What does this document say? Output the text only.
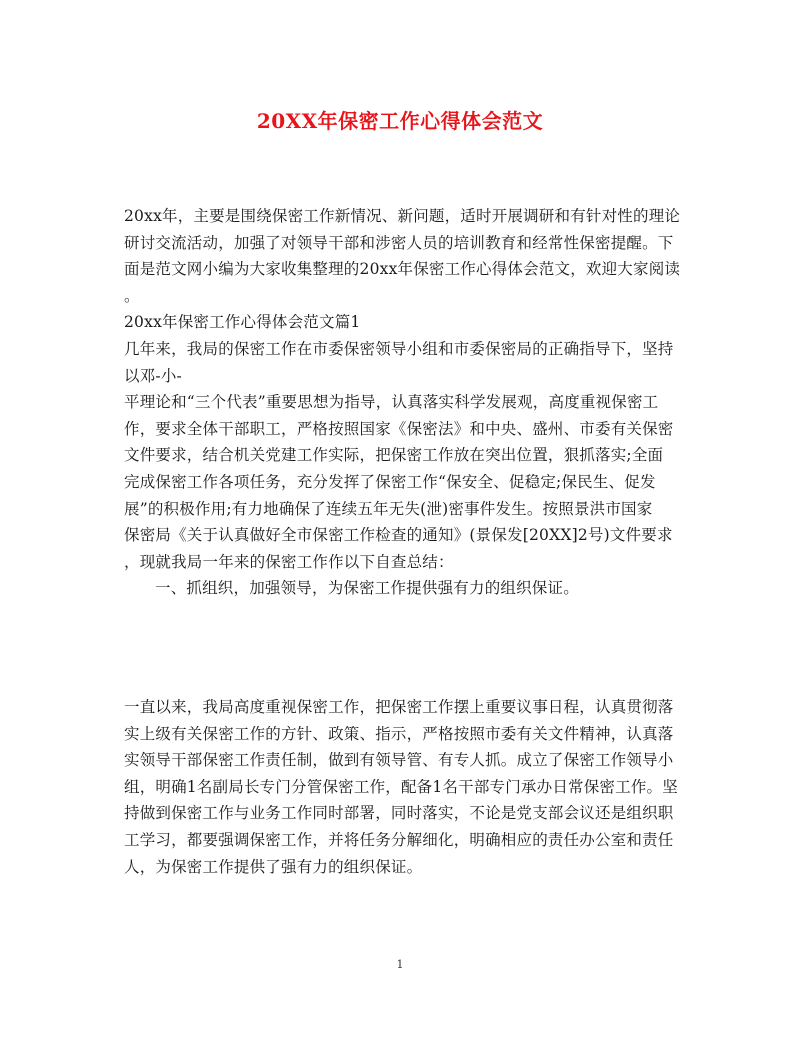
20XX年保密工作心得体会范文
20xx年，主要是围绕保密工作新情况、新问题，适时开展调研和有针对性的理论
研讨交流活动，加强了对领导干部和涉密人员的培训教育和经常性保密提醒。下
面是范文网小编为大家收集整理的20xx年保密工作心得体会范文，欢迎大家阅读
。
20xx年保密工作心得体会范文篇1
几年来，我局的保密工作在市委保密领导小组和市委保密局的正确指导下，坚持
以邓-小-
平理论和“三个代表”重要思想为指导，认真落实科学发展观，高度重视保密工
作，要求全体干部职工，严格按照国家《保密法》和中央、盛州、市委有关保密
文件要求，结合机关党建工作实际，把保密工作放在突出位置，狠抓落实;全面
完成保密工作各项任务，充分发挥了保密工作“保安全、促稳定;保民生、促发
展”的积极作用;有力地确保了连续五年无失(泄)密事件发生。按照景洪市国家
保密局《关于认真做好全市保密工作检查的通知》(景保发[20XX]2号)文件要求
，现就我局一年来的保密工作作以下自查总结：
一、抓组织，加强领导，为保密工作提供强有力的组织保证。
一直以来，我局高度重视保密工作，把保密工作摆上重要议事日程，认真贯彻落
实上级有关保密工作的方针、政策、指示，严格按照市委有关文件精神，认真落
实领导干部保密工作责任制，做到有领导管、有专人抓。成立了保密工作领导小
组，明确1名副局长专门分管保密工作，配备1名干部专门承办日常保密工作。坚
持做到保密工作与业务工作同时部署，同时落实，不论是党支部会议还是组织职
工学习，都要强调保密工作，并将任务分解细化，明确相应的责任办公室和责任
人，为保密工作提供了强有力的组织保证。
1
